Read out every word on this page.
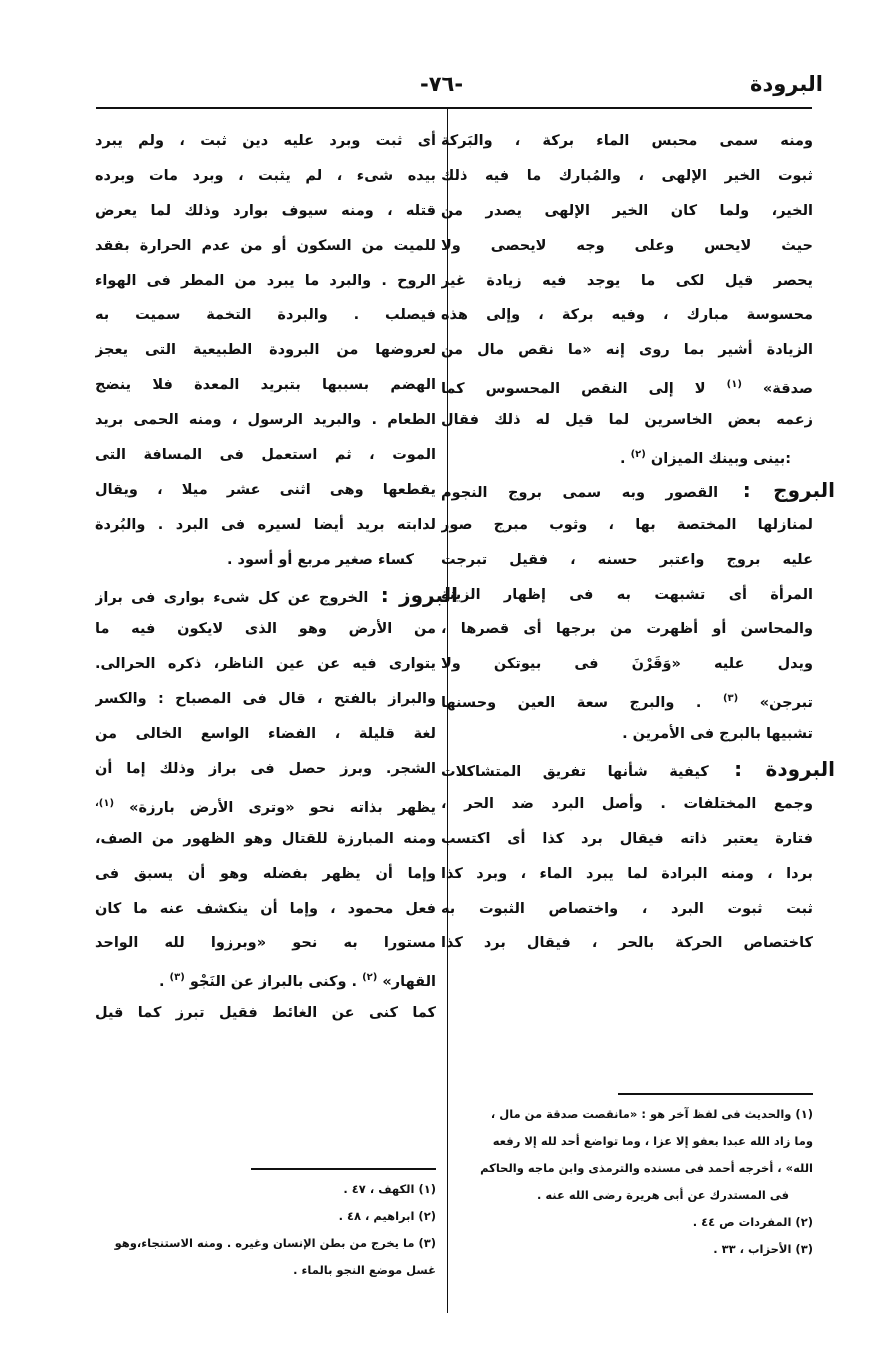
البرودة
-٧٦-
ومنه سمى محبس الماء بركة ، والبَركة
ثبوت الخير الإلهى ، والمُبارك ما فيه ذلك
الخير، ولما كان الخير الإلهى يصدر من
حيث لايحس وعلى وجه لايحصى ولا
يحصر قيل لكى ما يوجد فيه زيادة غير
محسوسة مبارك ، وفيه بركة ، وإلى هذه
الزيادة أشير بما روى إنه «ما نقص مال من
صدقة» $^{(١)}$ لا إلى النقص المحسوس كما
زعمه بعض الخاسرين لما قيل له ذلك فقال
:بينى وبينك الميزان $^{(٢)}$ .
البروج : القصور وبه سمى بروج النجوم
لمنازلها المختصة بها ، وثوب مبرج صور
عليه بروج واعتبر حسنه ، فقيل تبرجت
المرأة أى تشبهت به فى إظهار الزينة
والمحاسن أو أظهرت من برجها أى قصرها ،
ويدل عليه «وَقَرْنَ فى بيوتكن ولا
تبرجن» $^{(٣)}$ . والبرج سعة العين وحسنها
تشبيها بالبرج فى الأمرين .
البرودة : كيفية شأنها تفريق المتشاكلات
وجمع المختلفات . وأصل البرد ضد الحر ،
فتارة يعتبر ذاته فيقال برد كذا أى اكتسب
بردا ، ومنه البرادة لما يبرد الماء ، وبرد كذا
ثبت ثبوت البرد ، واختصاص الثبوت به
كاختصاص الحركة بالحر ، فيقال برد كذا
أى ثبت وبرد عليه دين ثبت ، ولم يبرد
بيده شىء ، لم يثبت ، وبرد مات وبرده
قتله ، ومنه سيوف بوارد وذلك لما يعرض
للميت من السكون أو من عدم الحرارة بفقد
الروح . والبرد ما يبرد من المطر فى الهواء
فيصلب . والبردة التخمة سميت به
لعروضها من البرودة الطبيعية التى يعجز
الهضم بسببها بتبريد المعدة فلا ينضج
الطعام . والبريد الرسول ، ومنه الحمى بريد
الموت ، ثم استعمل فى المسافة التى
يقطعها وهى اثنى عشر ميلا ، ويقال
لدابته بريد أيضا لسيره فى البرد . والبُردة
كساء صغير مربع أو أسود .
البروز : الخروج عن كل شىء بوارى فى براز
من الأرض وهو الذى لايكون فيه ما
يتوارى فيه عن عين الناظر، ذكره الحرالى.
والبراز بالفتح ، قال فى المصباح : والكسر
لغة قليلة ، الفضاء الواسع الخالى من
الشجر. وبرز حصل فى براز وذلك إما أن
يظهر بذاته نحو «وترى الأرض بارزة» $^{(١)،}$
ومنه المبارزة للقتال وهو الظهور من الصف،
وإما أن يظهر بفضله وهو أن يسبق فى
فعل محمود ، وإما أن ينكشف عنه ما كان
مستورا به نحو «وبرزوا لله الواحد
القهار» $^{(٢)}$ . وكنى بالبراز عن النَجْو $^{(٣)}$ .
كما كنى عن الغائط فقيل تبرز كما قيل
(١) والحديث فى لفظ آخر هو : «مانقصت صدقة من مال ،
وما زاد الله عبدا بعفو إلا عزا ، وما تواضع أحد لله إلا رفعه
الله» ، أخرجه أحمد فى مسنده والترمذى وابن ماجه والحاكم
فى المستدرك عن أبى هريرة رضى الله عنه .
(٢) المفردات ص ٤٤ .
(٣) الأحزاب ، ٣٣ .
(١) الكهف ، ٤٧ .
(٢) ابراهيم ، ٤٨ .
(٣) ما يخرج من بطن الإنسان وغيره . ومنه الاستنجاء،وهو
غسل موضع النجو بالماء .
